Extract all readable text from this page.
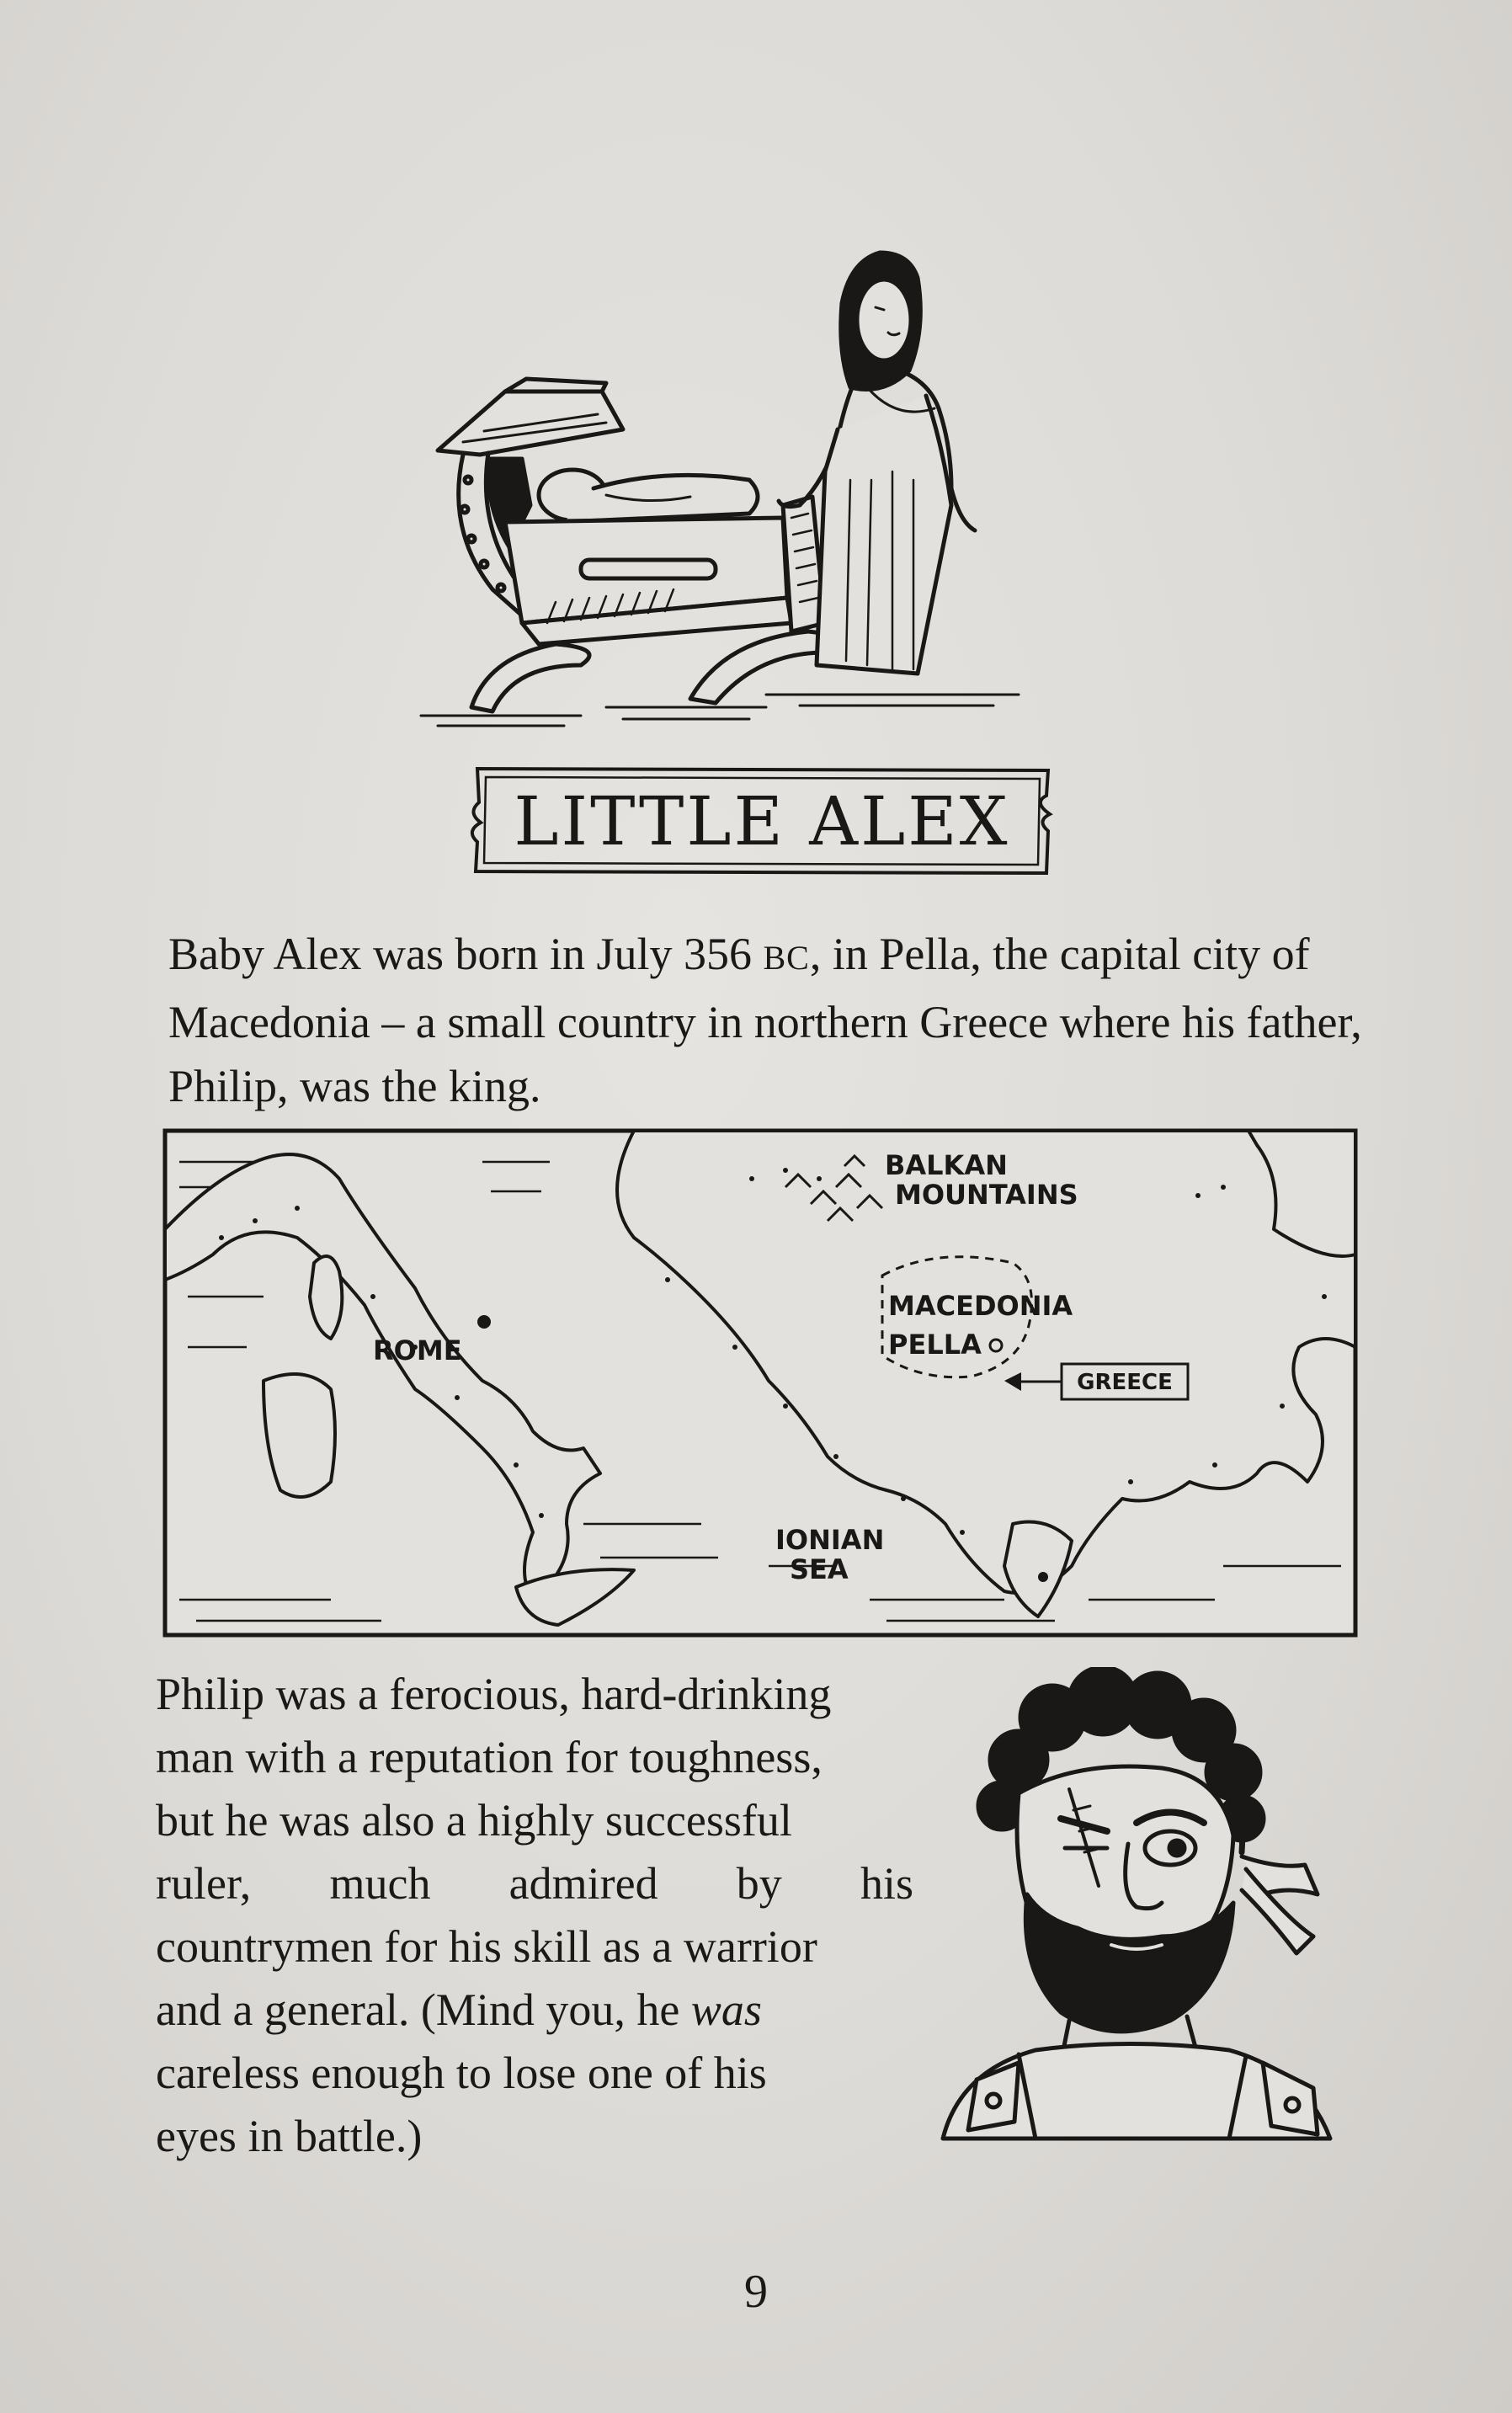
LITTLE ALEX

Baby Alex was born in July 356 BC, in Pella, the capital city of Macedonia – a small country in northern Greece where his father, Philip, was the king.

GREECE
BALKAN
MOUNTAINS
MACEDONIA
PELLA
ROME
IONIAN
SEA
Philip was a ferocious, hard-drinking
man with a reputation for toughness,
but he was also a highly successful
ruler, much admired by his
countrymen for his skill as a warrior
and a general. (Mind you, he was
careless enough to lose one of his
eyes in battle.)
9
